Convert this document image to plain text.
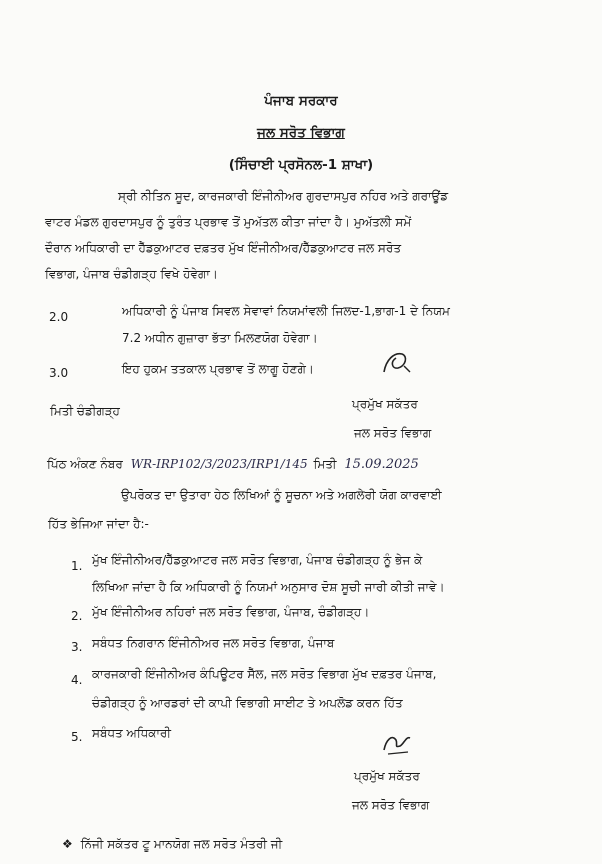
ਪੰਜਾਬ ਸਰਕਾਰ
ਜਲ ਸਰੋਤ ਵਿਭਾਗ
(ਸਿੰਚਾਈ ਪ੍ਰਸੋਨਲ-1 ਸ਼ਾਖਾ)
ਸ੍ਰੀ ਨੀਤਿਨ ਸੂਦ, ਕਾਰਜਕਾਰੀ ਇੰਜੀਨੀਅਰ ਗੁਰਦਾਸਪੁਰ ਨਹਿਰ ਅਤੇ ਗਰਾਊਂਡ
ਵਾਟਰ ਮੰਡਲ ਗੁਰਦਾਸਪੁਰ ਨੂੰ ਤੁਰੰਤ ਪ੍ਰਭਾਵ ਤੋਂ ਮੁਅੱਤਲ ਕੀਤਾ ਜਾਂਦਾ ਹੈ। ਮੁਅੱਤਲੀ ਸਮੇਂ
ਦੌਰਾਨ ਅਧਿਕਾਰੀ ਦਾ ਹੈੱਡਕੁਆਟਰ ਦਫ਼ਤਰ ਮੁੱਖ ਇੰਜੀਨੀਅਰ/ਹੈੱਡਕੁਆਟਰ ਜਲ ਸਰੋਤ
ਵਿਭਾਗ, ਪੰਜਾਬ ਚੰਡੀਗੜ੍ਹ ਵਿਖੇ ਹੋਵੇਗਾ।
2.0	ਅਧਿਕਾਰੀ ਨੂੰ ਪੰਜਾਬ ਸਿਵਲ ਸੇਵਾਵਾਂ ਨਿਯਮਾਂਵਲੀ ਜਿਲਦ-1,ਭਾਗ-1 ਦੇ ਨਿਯਮ
7.2 ਅਧੀਨ ਗੁਜ਼ਾਰਾ ਭੱਤਾ ਮਿਲਣਯੋਗ ਹੋਵੇਗਾ।
3.0	ਇਹ ਹੁਕਮ ਤਤਕਾਲ ਪ੍ਰਭਾਵ ਤੋਂ ਲਾਗੂ ਹੋਣਗੇ।
ਮਿਤੀ ਚੰਡੀਗੜ੍ਹ	ਪ੍ਰਮੁੱਖ ਸਕੱਤਰ
ਜਲ ਸਰੋਤ ਵਿਭਾਗ
ਪਿੱਠ ਅੰਕਣ ਨੰਬਰ WR-IRP102/3/2023/IRP1/145 ਮਿਤੀ 15.09.2025
ਉਪਰੋਕਤ ਦਾ ਉਤਾਰਾ ਹੇਠ ਲਿਖਿਆਂ ਨੂੰ ਸੂਚਨਾ ਅਤੇ ਅਗਲੇਰੀ ਯੋਗ ਕਾਰਵਾਈ
ਹਿੱਤ ਭੇਜਿਆ ਜਾਂਦਾ ਹੈ:-
1. ਮੁੱਖ ਇੰਜੀਨੀਅਰ/ਹੈੱਡਕੁਆਟਰ ਜਲ ਸਰੋਤ ਵਿਭਾਗ, ਪੰਜਾਬ ਚੰਡੀਗੜ੍ਹ ਨੂੰ ਭੇਜ ਕੇ
ਲਿਖਿਆ ਜਾਂਦਾ ਹੈ ਕਿ ਅਧਿਕਾਰੀ ਨੂੰ ਨਿਯਮਾਂ ਅਨੁਸਾਰ ਦੋਸ਼ ਸੂਚੀ ਜਾਰੀ ਕੀਤੀ ਜਾਵੇ।
2. ਮੁੱਖ ਇੰਜੀਨੀਅਰ ਨਹਿਰਾਂ ਜਲ ਸਰੋਤ ਵਿਭਾਗ, ਪੰਜਾਬ, ਚੰਡੀਗੜ੍ਹ।
3. ਸਬੰਧਤ ਨਿਗਰਾਨ ਇੰਜੀਨੀਅਰ ਜਲ ਸਰੋਤ ਵਿਭਾਗ, ਪੰਜਾਬ
4. ਕਾਰਜਕਾਰੀ ਇੰਜੀਨੀਅਰ ਕੰਪਿਊਟਰ ਸੈੱਲ, ਜਲ ਸਰੋਤ ਵਿਭਾਗ ਮੁੱਖ ਦਫ਼ਤਰ ਪੰਜਾਬ,
ਚੰਡੀਗੜ੍ਹ ਨੂੰ ਆਰਡਰਾਂ ਦੀ ਕਾਪੀ ਵਿਭਾਗੀ ਸਾਈਟ ਤੇ ਅਪਲੋਡ ਕਰਨ ਹਿੱਤ
5. ਸਬੰਧਤ ਅਧਿਕਾਰੀ
ਪ੍ਰਮੁੱਖ ਸਕੱਤਰ
ਜਲ ਸਰੋਤ ਵਿਭਾਗ
❖ ਨਿੱਜੀ ਸਕੱਤਰ ਟੂ ਮਾਨਯੋਗ ਜਲ ਸਰੋਤ ਮੰਤਰੀ ਜੀ
